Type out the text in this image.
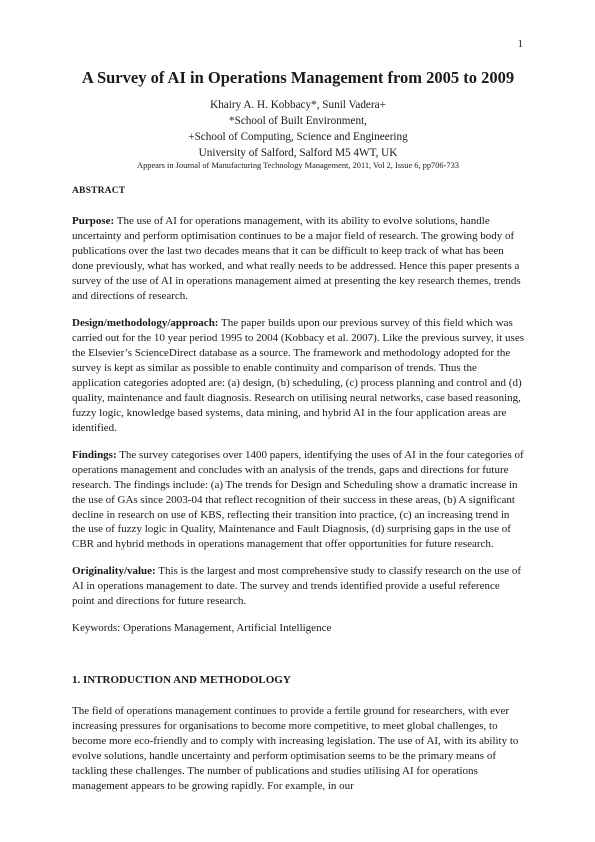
1
A Survey of AI in Operations Management from 2005 to 2009

Khairy A. H. Kobbacy*, Sunil Vadera+

*School of Built Environment,

+School of Computing, Science and Engineering

University of Salford, Salford M5 4WT, UK

Appears in Journal of Manufacturing Technology Management, 2011, Vol 2, Issue 6, pp706-733

ABSTRACT

Purpose: The use of AI for operations management, with its ability to evolve solutions, handle uncertainty and perform optimisation continues to be a major field of research. The growing body of publications over the last two decades means that it can be difficult to keep track of what has been done previously, what has worked, and what really needs to be addressed. Hence this paper presents a survey of the use of AI in operations management aimed at presenting the key research themes, trends and directions of research.

Design/methodology/approach: The paper builds upon our previous survey of this field which was carried out for the 10 year period 1995 to 2004 (Kobbacy et al. 2007). Like the previous survey, it uses the Elsevier’s ScienceDirect database as a source. The framework and methodology adopted for the survey is kept as similar as possible to enable continuity and comparison of trends. Thus the application categories adopted are: (a) design, (b) scheduling, (c) process planning and control and (d) quality, maintenance and fault diagnosis. Research on utilising neural networks, case based reasoning, fuzzy logic, knowledge based systems, data mining, and hybrid AI in the four application areas are identified.

Findings: The survey categorises over 1400 papers, identifying the uses of AI in the four categories of operations management and concludes with an analysis of the trends, gaps and directions for future research. The findings include: (a) The trends for Design and Scheduling show a dramatic increase in the use of GAs since 2003-04 that reflect recognition of their success in these areas, (b) A significant decline in research on use of KBS, reflecting their transition into practice, (c) an increasing trend in the use of fuzzy logic in Quality, Maintenance and Fault Diagnosis, (d) surprising gaps in the use of CBR and hybrid methods in operations management that offer opportunities for future research.

Originality/value: This is the largest and most comprehensive study to classify research on the use of AI in operations management to date. The survey and trends identified provide a useful reference point and directions for future research.

Keywords: Operations Management, Artificial Intelligence

1. INTRODUCTION AND METHODOLOGY

The field of operations management continues to provide a fertile ground for researchers, with ever increasing pressures for organisations to become more competitive, to meet global challenges, to become more eco-friendly and to comply with increasing legislation. The use of AI, with its ability to evolve solutions, handle uncertainty and perform optimisation seems to be the primary means of tackling these challenges. The number of publications and studies utilising AI for operations management appears to be growing rapidly. For example, in our
